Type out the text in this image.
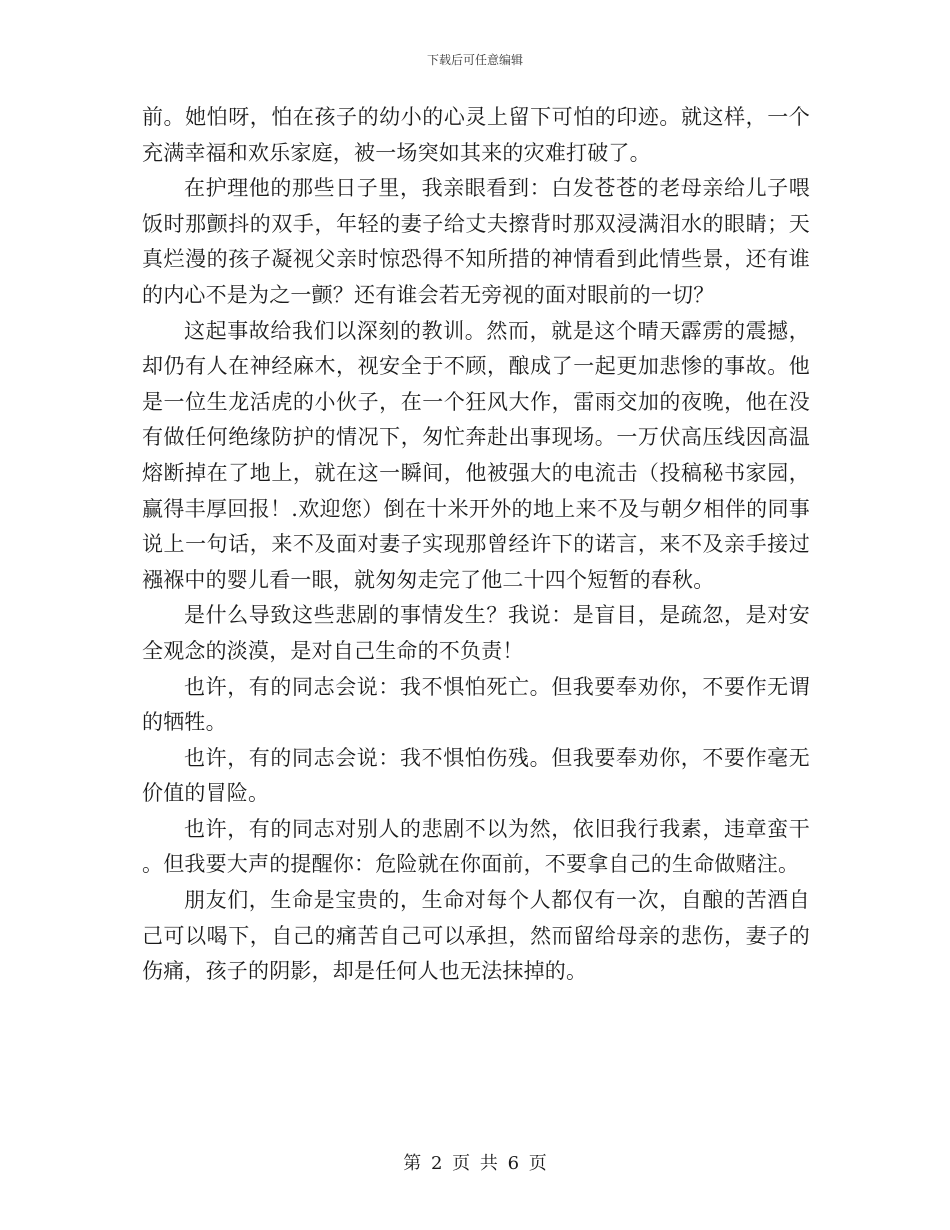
下载后可任意编辑

前。她怕呀，怕在孩子的幼小的心灵上留下可怕的印迹。就这样，一个充满幸福和欢乐家庭，被一场突如其来的灾难打破了。

在护理他的那些日子里，我亲眼看到：白发苍苍的老母亲给儿子喂饭时那颤抖的双手，年轻的妻子给丈夫擦背时那双浸满泪水的眼睛；天真烂漫的孩子凝视父亲时惊恐得不知所措的神情看到此情些景，还有谁的内心不是为之一颤？还有谁会若无旁视的面对眼前的一切？

这起事故给我们以深刻的教训。然而，就是这个晴天霹雳的震撼，却仍有人在神经麻木，视安全于不顾，酿成了一起更加悲惨的事故。他是一位生龙活虎的小伙子，在一个狂风大作，雷雨交加的夜晚，他在没有做任何绝缘防护的情况下，匆忙奔赴出事现场。一万伏高压线因高温熔断掉在了地上，就在这一瞬间，他被强大的电流击（投稿秘书家园，赢得丰厚回报！.欢迎您）倒在十米开外的地上来不及与朝夕相伴的同事说上一句话，来不及面对妻子实现那曾经许下的诺言，来不及亲手接过襁褓中的婴儿看一眼，就匆匆走完了他二十四个短暂的春秋。

是什么导致这些悲剧的事情发生？我说：是盲目，是疏忽，是对安全观念的淡漠，是对自己生命的不负责！

也许，有的同志会说：我不惧怕死亡。但我要奉劝你，不要作无谓的牺牲。

也许，有的同志会说：我不惧怕伤残。但我要奉劝你，不要作毫无价值的冒险。

也许，有的同志对别人的悲剧不以为然，依旧我行我素，违章蛮干。但我要大声的提醒你：危险就在你面前，不要拿自己的生命做赌注。

朋友们，生命是宝贵的，生命对每个人都仅有一次，自酿的苦酒自己可以喝下，自己的痛苦自己可以承担，然而留给母亲的悲伤，妻子的伤痛，孩子的阴影，却是任何人也无法抹掉的。

第 2 页 共 6 页
